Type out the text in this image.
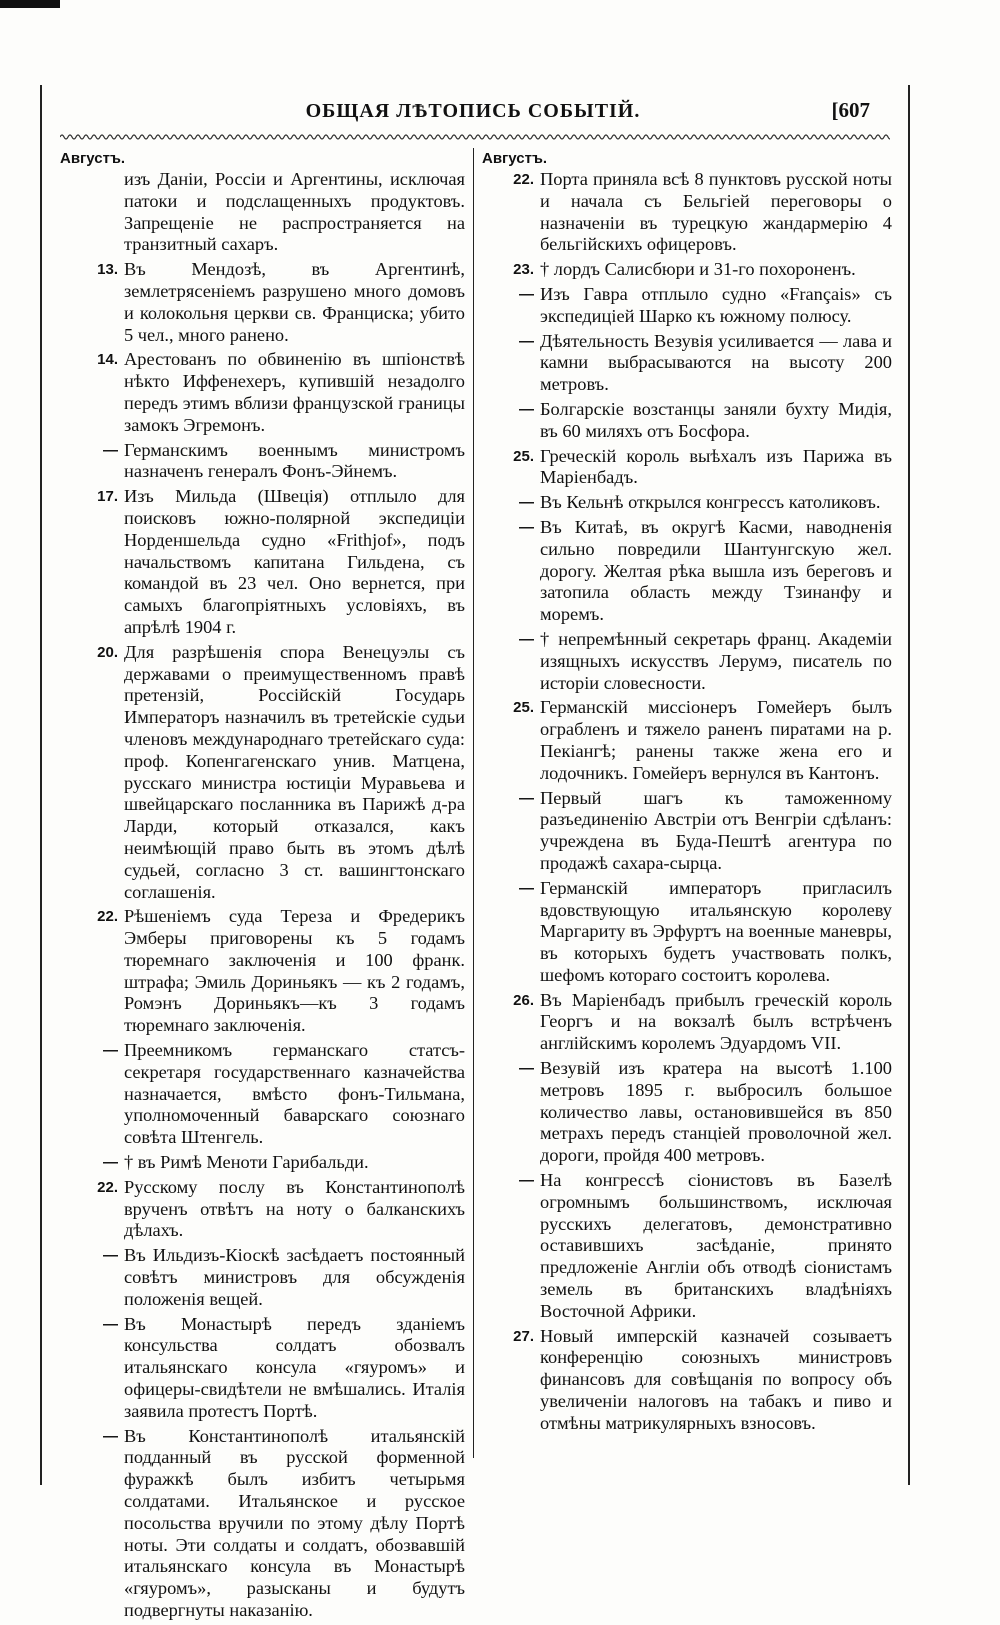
ОБЩАЯ ЛѢТОПИСЬ СОБЫТІЙ.	[607
Августъ.
изъ Даніи, Россіи и Аргентины, исключая патоки и подслащенныхъ продуктовъ. Запрещеніе не распространяется на транзитный сахаръ.
13. Въ Мендозѣ, въ Аргентинѣ, землетрясеніемъ разрушено много домовъ и колокольня церкви св. Франциска; убито 5 чел., много ранено.
14. Арестованъ по обвиненію въ шпіонствѣ нѣкто Иффенехеръ, купившій незадолго передъ этимъ вблизи французской границы замокъ Эгремонъ.
— Германскимъ военнымъ министромъ назначенъ генералъ Фонъ-Эйнемъ.
17. Изъ Мильда (Швеція) отплыло для поисковъ южно-полярной экспедиціи Норденшельда судно «Frithjof», подъ начальствомъ капитана Гильдена, съ командой въ 23 чел. Оно вернется, при самыхъ благопріятныхъ условіяхъ, въ апрѣлѣ 1904 г.
20. Для разрѣшенія спора Венецуэлы съ державами о преимущественномъ правѣ претензій, Россійскій Государь Императоръ назначилъ въ третейскіе судьи членовъ международнаго третейскаго суда: проф. Копенгагенскаго унив. Матцена, русскаго министра юстиціи Муравьева и швейцарскаго посланника въ Парижѣ д-ра Ларди, который отказался, какъ неимѣющій право быть въ этомъ дѣлѣ судьей, согласно 3 ст. вашингтонскаго соглашенія.
22. Рѣшеніемъ суда Тереза и Фредерикъ Эмберы приговорены къ 5 годамъ тюремнаго заключенія и 100 франк. штрафа; Эмиль Дориньякъ — къ 2 годамъ, Ромэнъ Дориньякъ—къ 3 годамъ тюремнаго заключенія.
— Преемникомъ германскаго статсъ-секретаря государственнаго казначейства назначается, вмѣсто фонъ-Тильмана, уполномоченный баварскаго союзнаго совѣта Штенгель.
— † въ Римѣ Менoти Гарибальди.
22. Русскому послу въ Константинополѣ врученъ отвѣтъ на ноту о балканскихъ дѣлахъ.
— Въ Ильдизъ-Кіоскѣ засѣдаетъ постоянный совѣтъ министровъ для обсужденія положенія вещей.
— Въ Монастырѣ передъ зданіемъ консульства солдатъ обозвалъ итальянскаго консула «гяуромъ» и офицеры-свидѣтели не вмѣшались. Италія заявила протестъ Портѣ.
— Въ Константинополѣ итальянскій подданный въ русской форменной фуражкѣ былъ избитъ четырьмя солдатами. Итальянское и русское посольства вручили по этому дѣлу Портѣ ноты. Эти солдаты и солдатъ, обозвавшій итальянскаго консула въ Монастырѣ «гяуромъ», разысканы и будутъ подвергнуты наказанію.
Августъ.
22. Порта приняла всѣ 8 пунктовъ русской ноты и начала съ Бельгіей переговоры о назначеніи въ турецкую жандармерію 4 бельгійскихъ офицеровъ.
23. † лордъ Салисбюри и 31-го похороненъ.
— Изъ Гавра отплыло судно «Français» съ экспедиціей Шарко къ южному полюсу.
— Дѣятельность Везувія усиливается — лава и камни выбрасываются на высоту 200 метровъ.
— Болгарскіе возстанцы заняли бухту Мидія, въ 60 миляхъ отъ Босфора.
25. Греческій король выѣхалъ изъ Парижа въ Маріенбадъ.
— Въ Кельнѣ открылся конгрессъ католиковъ.
— Въ Китаѣ, въ округѣ Касми, наводненія сильно повредили Шантунгскую жел. дорогу. Желтая рѣка вышла изъ береговъ и затопила область между Тзинанфу и моремъ.
— † непремѣнный секретарь франц. Академіи изящныхъ искусствъ Лерумэ, писатель по исторіи словесности.
25. Германскій миссіонеръ Гомейеръ былъ ограбленъ и тяжело раненъ пиратами на р. Пекiангѣ; ранены также жена его и лодочникъ. Гомейеръ вернулся въ Кантонъ.
— Первый шагъ къ таможенному разъединенію Австріи отъ Венгріи сдѣланъ: учреждена въ Буда-Пештѣ агентура по продажѣ сахара-сырца.
— Германскій императоръ пригласилъ вдовствующую итальянскую королеву Маргариту въ Эрфуртъ на военные маневры, въ которыхъ будетъ участвовать полкъ, шефомъ котораго состоитъ королева.
26. Въ Маріенбадъ прибылъ греческій король Георгъ и на вокзалѣ былъ встрѣченъ англійскимъ королемъ Эдуардомъ VII.
— Везувій изъ кратера на высотѣ 1.100 метровъ 1895 г. выбросилъ большое количество лавы, остановившейся въ 850 метрахъ передъ станціей проволочной жел. дороги, пройдя 400 метровъ.
— На конгрессѣ сіонистовъ въ Базелѣ огромнымъ большинствомъ, исключая русскихъ делегатовъ, демонстративно оставившихъ засѣданіе, принято предложеніе Англіи объ отводѣ сіонистамъ земель въ британскихъ владѣніяхъ Восточной Африки.
27. Новый имперскій казначей созываетъ конференцію союзныхъ министровъ финансовъ для совѣщанія по вопросу объ увеличеніи налоговъ на табакъ и пиво и отмѣны матрикулярныхъ взносовъ.
